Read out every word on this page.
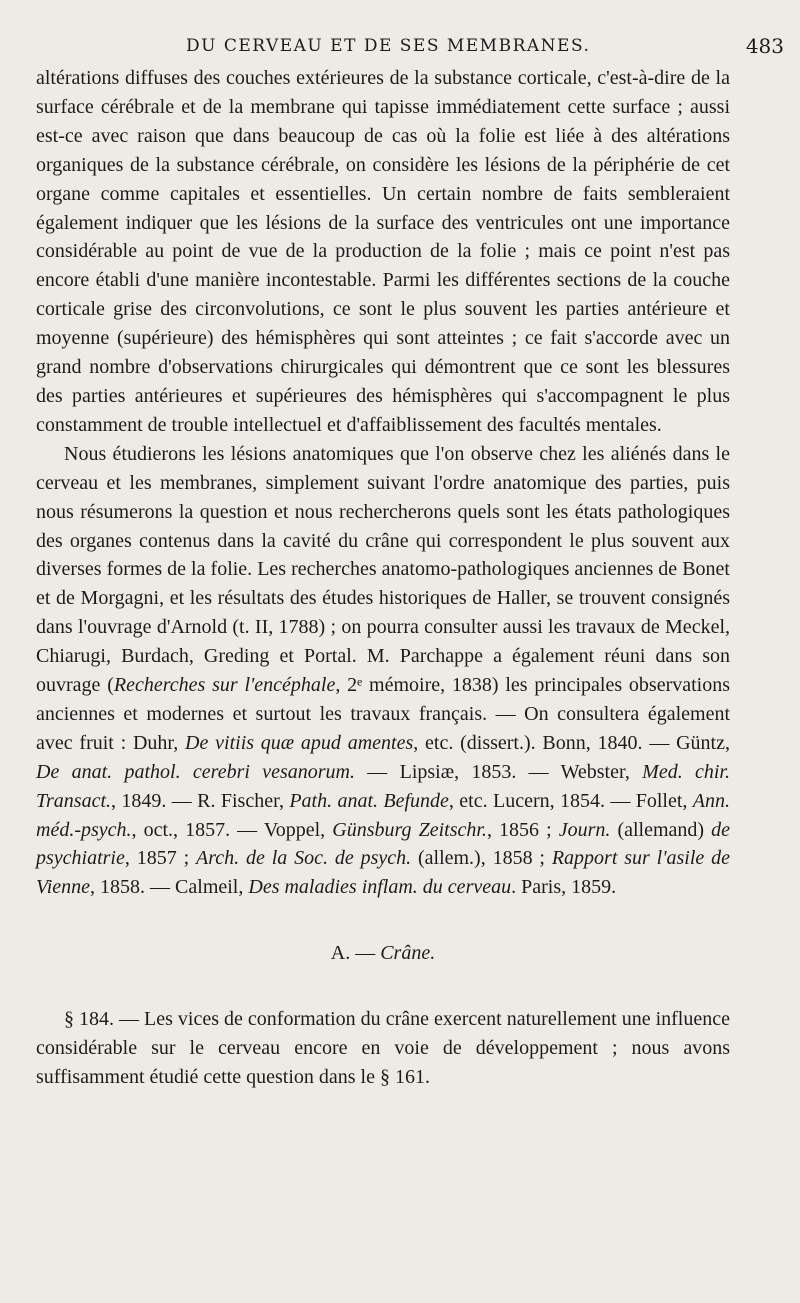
DU CERVEAU ET DE SES MEMBRANES.	483

altérations diffuses des couches extérieures de la substance corticale, c'est-à-dire de la surface cérébrale et de la membrane qui tapisse immédiatement cette surface ; aussi est-ce avec raison que dans beaucoup de cas où la folie est liée à des altérations organiques de la substance cérébrale, on considère les lésions de la périphérie de cet organe comme capitales et essentielles. Un certain nombre de faits sembleraient également indiquer que les lésions de la surface des ventricules ont une importance considérable au point de vue de la production de la folie ; mais ce point n'est pas encore établi d'une manière incontestable. Parmi les différentes sections de la couche corticale grise des circonvolutions, ce sont le plus souvent les parties antérieure et moyenne (supérieure) des hémisphères qui sont atteintes ; ce fait s'accorde avec un grand nombre d'observations chirurgicales qui démontrent que ce sont les blessures des parties antérieures et supérieures des hémisphères qui s'accompagnent le plus constamment de trouble intellectuel et d'affaiblissement des facultés mentales.

Nous étudierons les lésions anatomiques que l'on observe chez les aliénés dans le cerveau et les membranes, simplement suivant l'ordre anatomique des parties, puis nous résumerons la question et nous rechercherons quels sont les états pathologiques des organes contenus dans la cavité du crâne qui correspondent le plus souvent aux diverses formes de la folie. Les recherches anatomo-pathologiques anciennes de Bonet et de Morgagni, et les résultats des études historiques de Haller, se trouvent consignés dans l'ouvrage d'Arnold (t. II, 1788) ; on pourra consulter aussi les travaux de Meckel, Chiarugi, Burdach, Greding et Portal. M. Parchappe a également réuni dans son ouvrage (Recherches sur l'encéphale, 2ᵉ mémoire, 1838) les principales observations anciennes et modernes et surtout les travaux français. — On consultera également avec fruit : Duhr, De vitiis quæ apud amentes, etc. (dissert.). Bonn, 1840. — Güntz, De anat. pathol. cerebri vesanorum. — Lipsiæ, 1853. — Webster, Med. chir. Transact., 1849. — R. Fischer, Path. anat. Befunde, etc. Lucern, 1854. — Follet, Ann. méd.-psych., oct., 1857. — Voppel, Günsburg Zeitschr., 1856 ; Journ. (allemand) de psychiatrie, 1857 ; Arch. de la Soc. de psych. (allem.), 1858 ; Rapport sur l'asile de Vienne, 1858. — Calmeil, Des maladies inflam. du cerveau. Paris, 1859.

A. — Crâne.

§ 184. — Les vices de conformation du crâne exercent naturellement une influence considérable sur le cerveau encore en voie de développement ; nous avons suffisamment étudié cette question dans le § 161.
